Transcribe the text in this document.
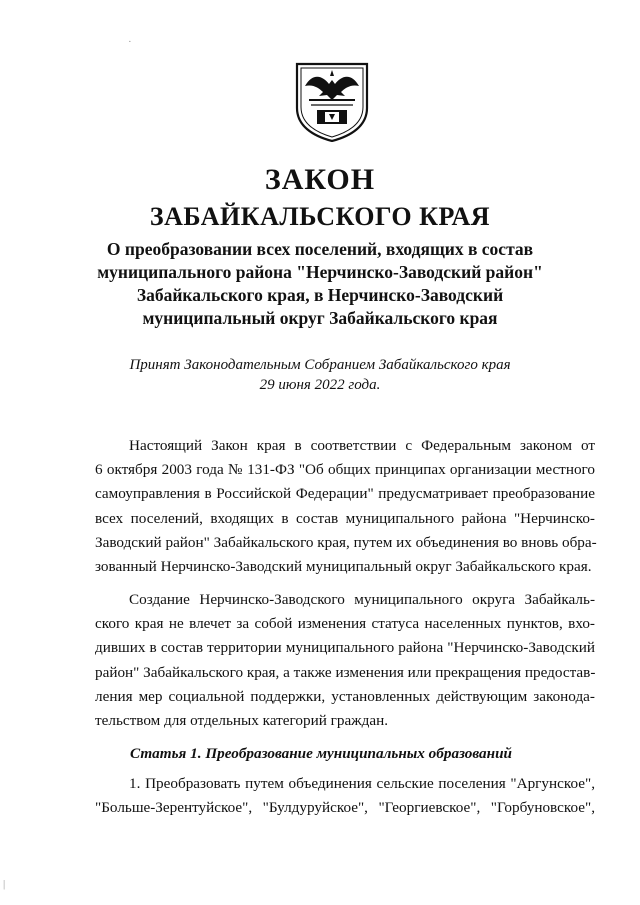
ЗАКОН
ЗАБАЙКАЛЬСКОГО КРАЯ
О преобразовании всех поселений, входящих в состав
муниципального района "Нерчинско-Заводский район"
Забайкальского края, в Нерчинско-Заводский
муниципальный округ Забайкальского края
Принят Законодательным Собранием Забайкальского края
29 июня 2022 года.
Настоящий Закон края в соответствии с Федеральным законом от
6 октября 2003 года № 131-ФЗ "Об общих принципах организации местного
самоуправления в Российской Федерации" предусматривает преобразование
всех поселений, входящих в состав муниципального района "Нерчинско-
Заводский район" Забайкальского края, путем их объединения во вновь обра-
зованный Нерчинско-Заводский муниципальный округ Забайкальского края.
Создание Нерчинско-Заводского муниципального округа Забайкаль-
ского края не влечет за собой изменения статуса населенных пунктов, вхо-
дивших в состав территории муниципального района "Нерчинско-Заводский
район" Забайкальского края, а также изменения или прекращения предостав-
ления мер социальной поддержки, установленных действующим законода-
тельством для отдельных категорий граждан.
Статья 1. Преобразование муниципальных образований
1. Преобразовать путем объединения сельские поселения "Аргунское",
"Больше-Зерентуйское", "Булдуруйское", "Георгиевское", "Горбуновское",
·
|
